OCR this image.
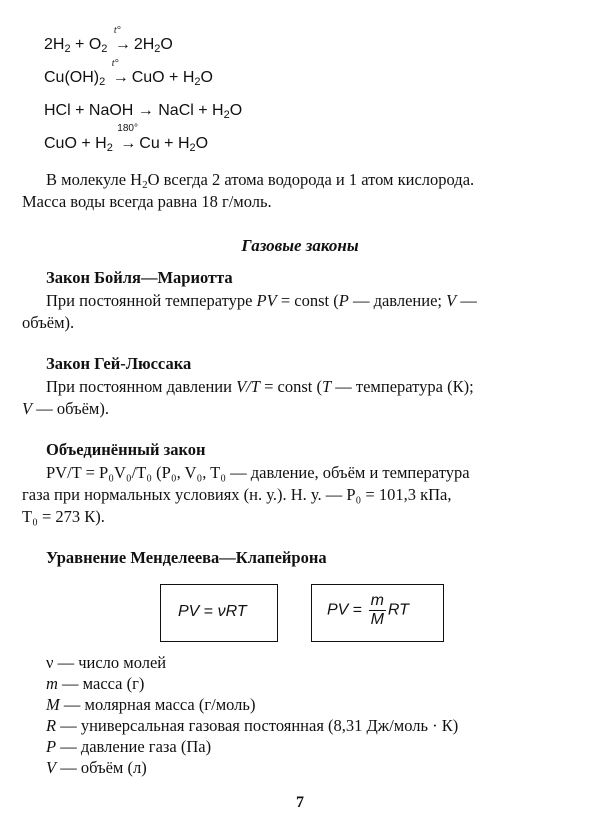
$2H_2 + O_2$
t°
→ $2H_2O$
$Cu(OH)_2$
t°
→ CuO + $H_2O$
HCl + NaOH → NaCl + $H_2O$
CuO + $H_2$
180°
→ $Cu + H_2O$
В молекуле $H_2O$ всегда 2 атома водорода и 1 атом кислорода.
Масса воды всегда равна 18 г/моль.
Газовые законы
Закон Бойля—Мариотта
При постоянной температуре PV = const (P — давление; V —
объём).
Закон Гей-Люссака
При постоянном давлении V/T = const (T — температура (К);
V — объём).
Объединённый закон
PV/T = P₀V₀/T₀ (P₀, V₀, T₀ — давление, объём и температура
газа при нормальных условиях (н. у.). Н. у. — P₀ = 101,3 кПа,
T₀ = 273 К).
Уравнение Менделеева—Клапейрона
PV = νRT	PV = $\frac{m}{M}$ RT
ν — число молей
m — масса (г)
M — молярная масса (г/моль)
R — универсальная газовая постоянная (8,31 Дж/моль · К)
P — давление газа (Па)
V — объём (л)
7
